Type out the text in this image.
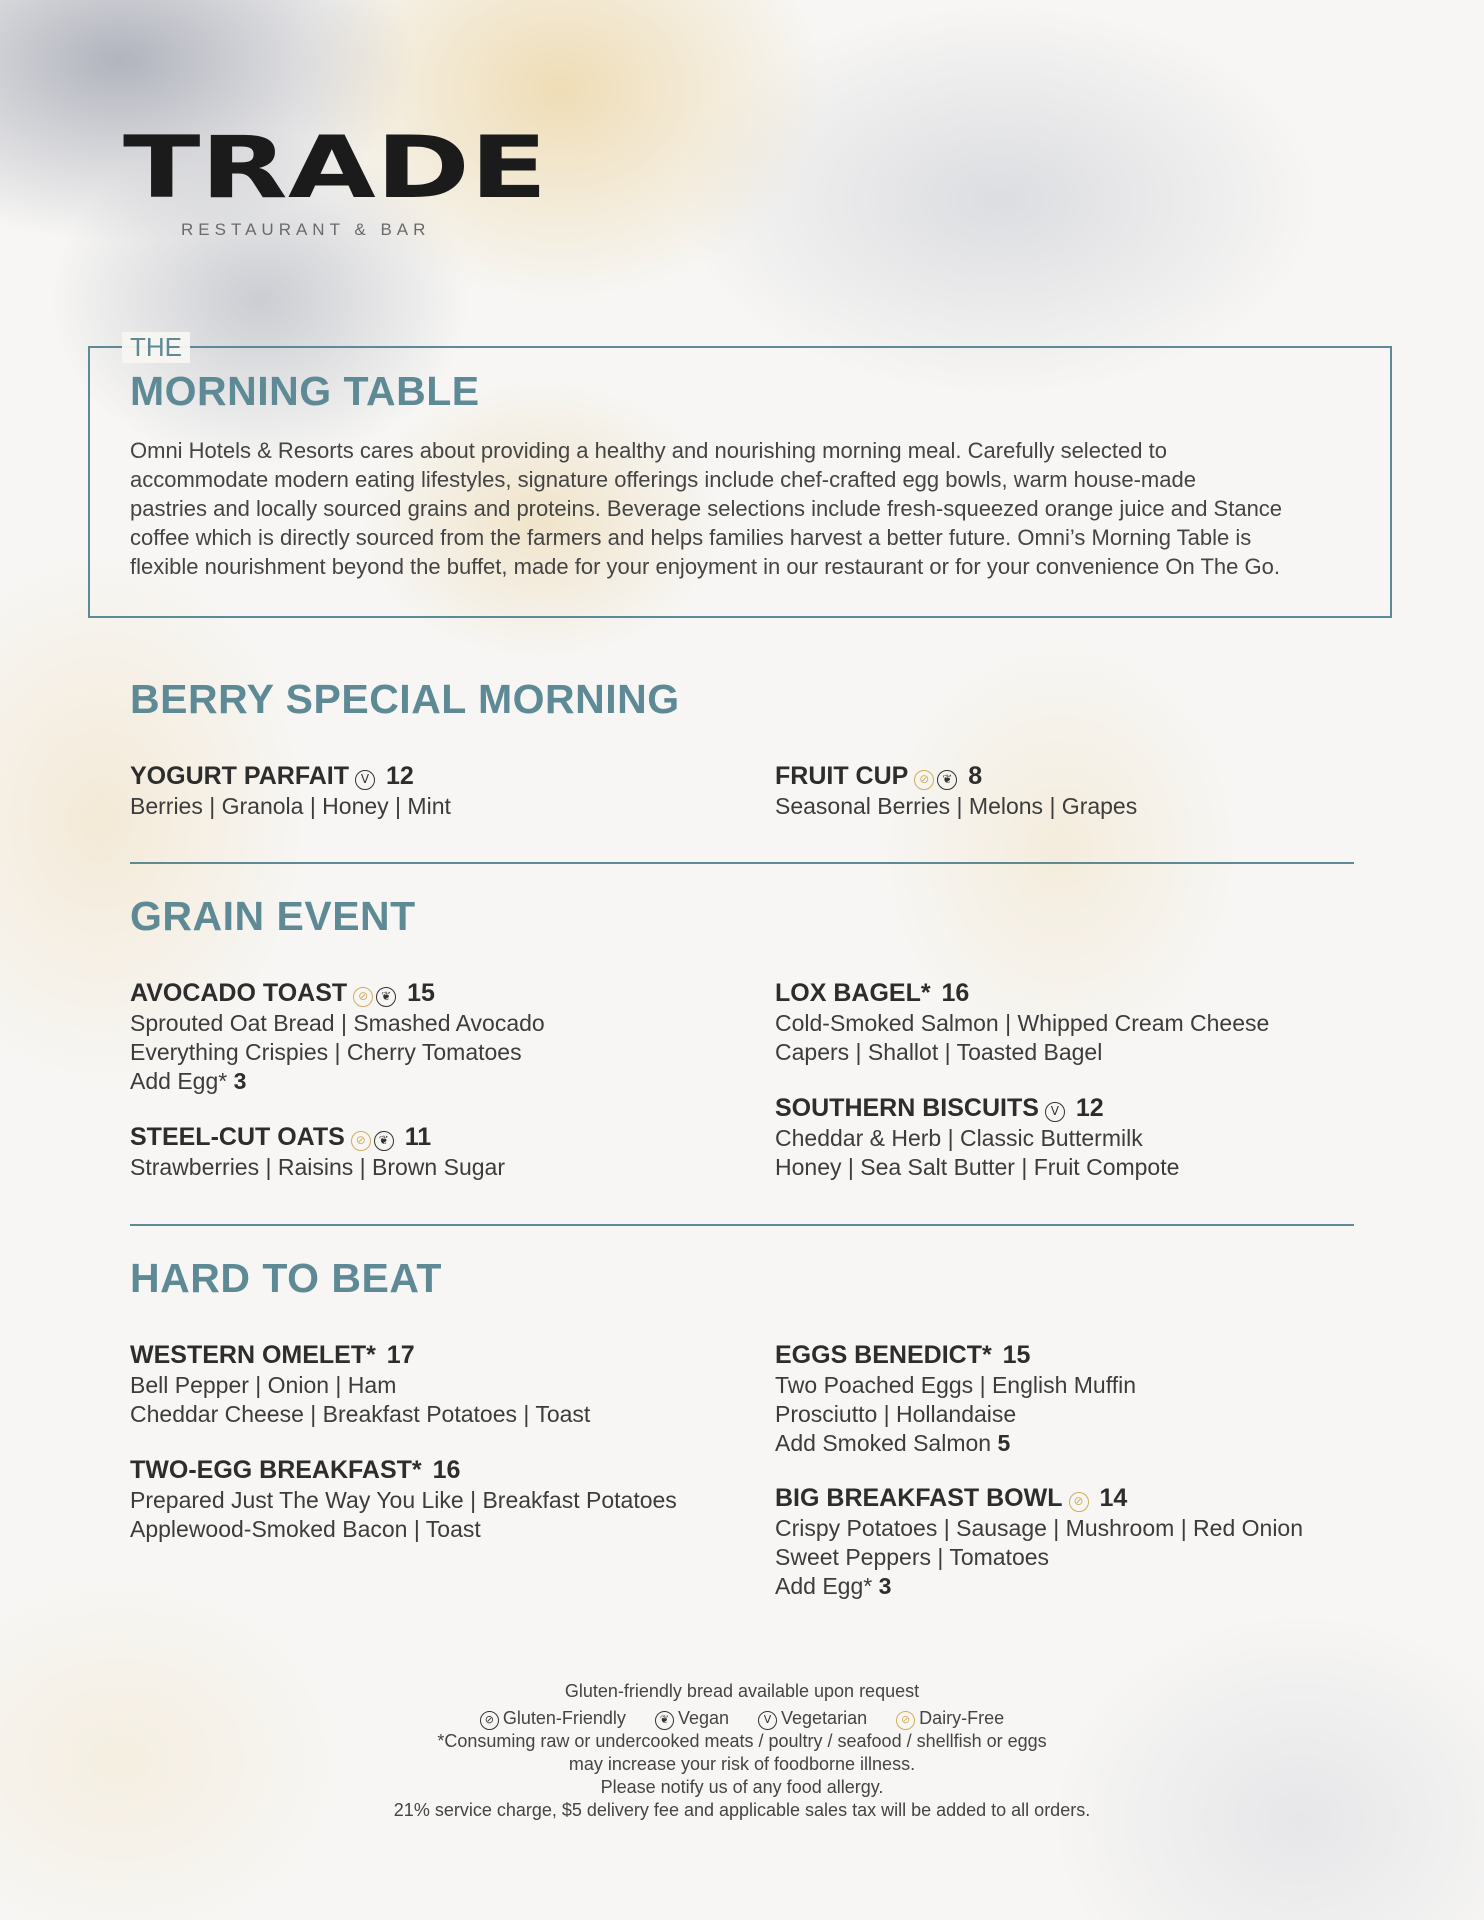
TRADE
RESTAURANT & BAR
THE
MORNING TABLE
Omni Hotels & Resorts cares about providing a healthy and nourishing morning meal. Carefully selected to
accommodate modern eating lifestyles, signature offerings include chef-crafted egg bowls, warm house-made
pastries and locally sourced grains and proteins. Beverage selections include fresh-squeezed orange juice and Stance
coffee which is directly sourced from the farmers and helps families harvest a better future. Omni’s Morning Table is
flexible nourishment beyond the buffet, made for your enjoyment in our restaurant or for your convenience On The Go.
BERRY SPECIAL MORNING
YOGURT PARFAIT V 12
Berries | Granola | Honey | Mint
FRUIT CUP ⊘ ❦ 8
Seasonal Berries | Melons | Grapes
GRAIN EVENT
AVOCADO TOAST ⊘ ❦ 15
Sprouted Oat Bread | Smashed Avocado
Everything Crispies | Cherry Tomatoes
Add Egg* 3
STEEL-CUT OATS ⊘ ❦ 11
Strawberries | Raisins | Brown Sugar
LOX BAGEL* 16
Cold-Smoked Salmon | Whipped Cream Cheese
Capers | Shallot | Toasted Bagel
SOUTHERN BISCUITS V 12
Cheddar & Herb | Classic Buttermilk
Honey | Sea Salt Butter | Fruit Compote
HARD TO BEAT
WESTERN OMELET* 17
Bell Pepper | Onion | Ham
Cheddar Cheese | Breakfast Potatoes | Toast
TWO-EGG BREAKFAST* 16
Prepared Just The Way You Like | Breakfast Potatoes
Applewood-Smoked Bacon | Toast
EGGS BENEDICT* 15
Two Poached Eggs | English Muffin
Prosciutto | Hollandaise
Add Smoked Salmon 5
BIG BREAKFAST BOWL ⊘ 14
Crispy Potatoes | Sausage | Mushroom | Red Onion
Sweet Peppers | Tomatoes
Add Egg* 3
Gluten-friendly bread available upon request
⊘ Gluten-Friendly	❦ Vegan	V Vegetarian	⊘ Dairy-Free
*Consuming raw or undercooked meats / poultry / seafood / shellfish or eggs
may increase your risk of foodborne illness.
Please notify us of any food allergy.
21% service charge, $5 delivery fee and applicable sales tax will be added to all orders.
